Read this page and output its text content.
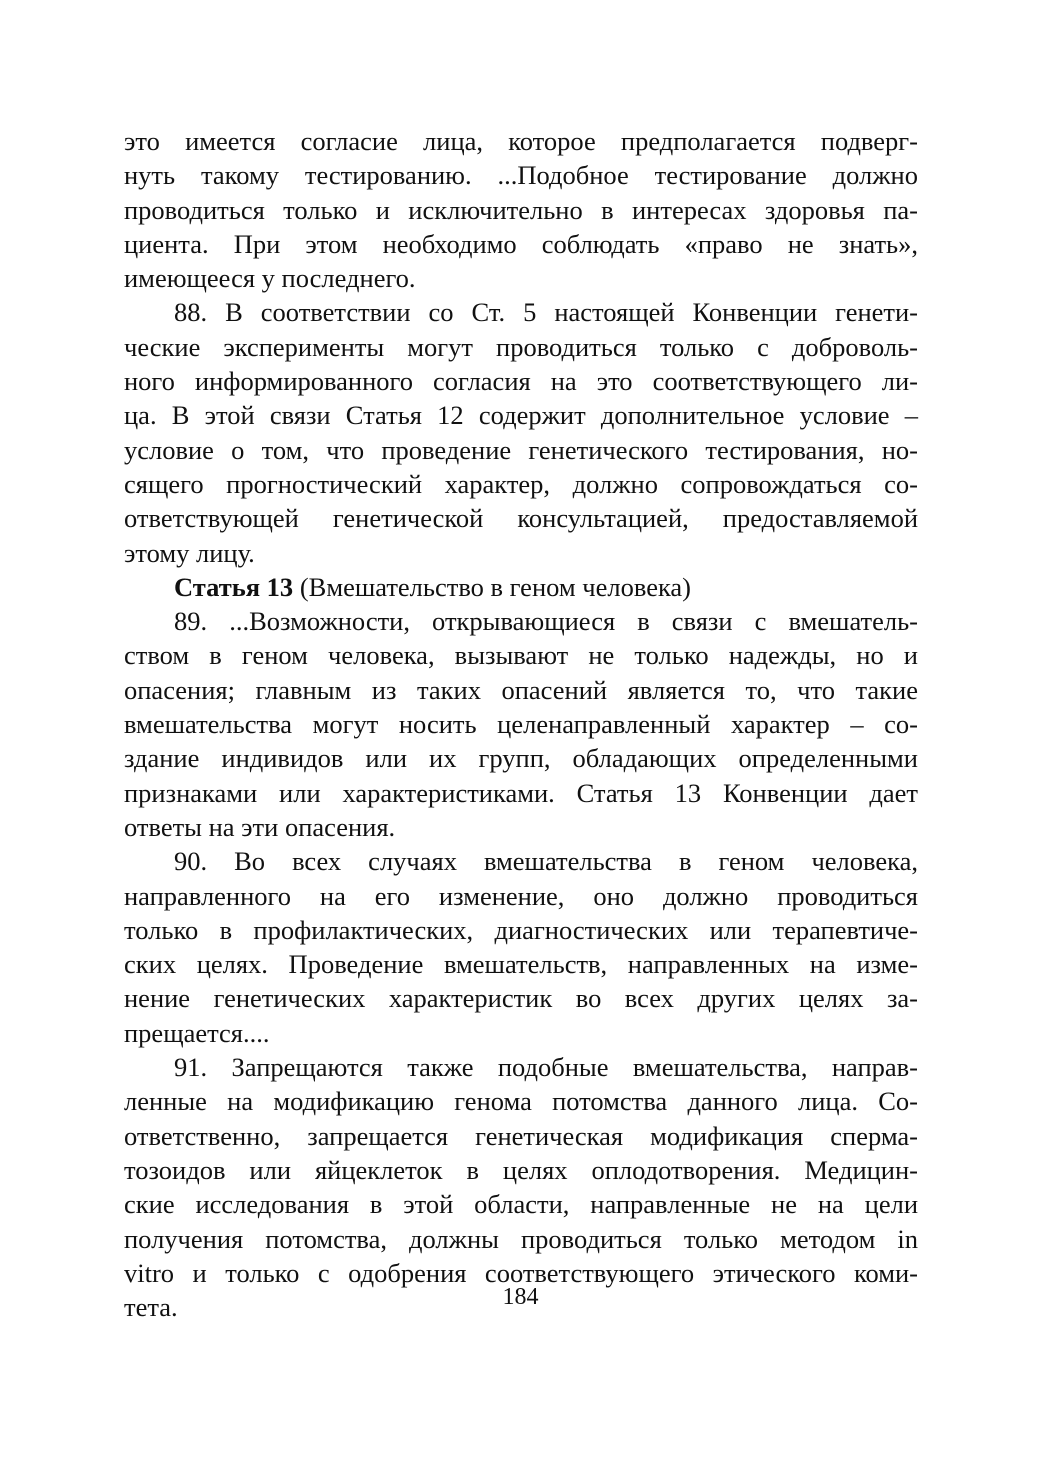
это имеется согласие лица, которое предполагается подверг-
нуть такому тестированию. ...Подобное тестирование должно
проводиться только и исключительно в интересах здоровья па-
циента. При этом необходимо соблюдать «право не знать»,
имеющееся у последнего.
88. В соответствии со Ст. 5 настоящей Конвенции генети-
ческие эксперименты могут проводиться только с доброволь-
ного информированного согласия на это соответствующего ли-
ца. В этой связи Статья 12 содержит дополнительное условие –
условие о том, что проведение генетического тестирования, но-
сящего прогностический характер, должно сопровождаться со-
ответствующей генетической консультацией, предоставляемой
этому лицу.
Статья 13 (Вмешательство в геном человека)
89. ...Возможности, открывающиеся в связи с вмешатель-
ством в геном человека, вызывают не только надежды, но и
опасения; главным из таких опасений является то, что такие
вмешательства могут носить целенаправленный характер – со-
здание индивидов или их групп, обладающих определенными
признаками или характеристиками. Статья 13 Конвенции дает
ответы на эти опасения.
90. Во всех случаях вмешательства в геном человека,
направленного на его изменение, оно должно проводиться
только в профилактических, диагностических или терапевтиче-
ских целях. Проведение вмешательств, направленных на изме-
нение генетических характеристик во всех других целях за-
прещается....
91. Запрещаются также подобные вмешательства, направ-
ленные на модификацию генома потомства данного лица. Со-
ответственно, запрещается генетическая модификация сперма-
тозоидов или яйцеклеток в целях оплодотворения. Медицин-
ские исследования в этой области, направленные не на цели
получения потомства, должны проводиться только методом in
vitro и только с одобрения соответствующего этического коми-
тета.	184
